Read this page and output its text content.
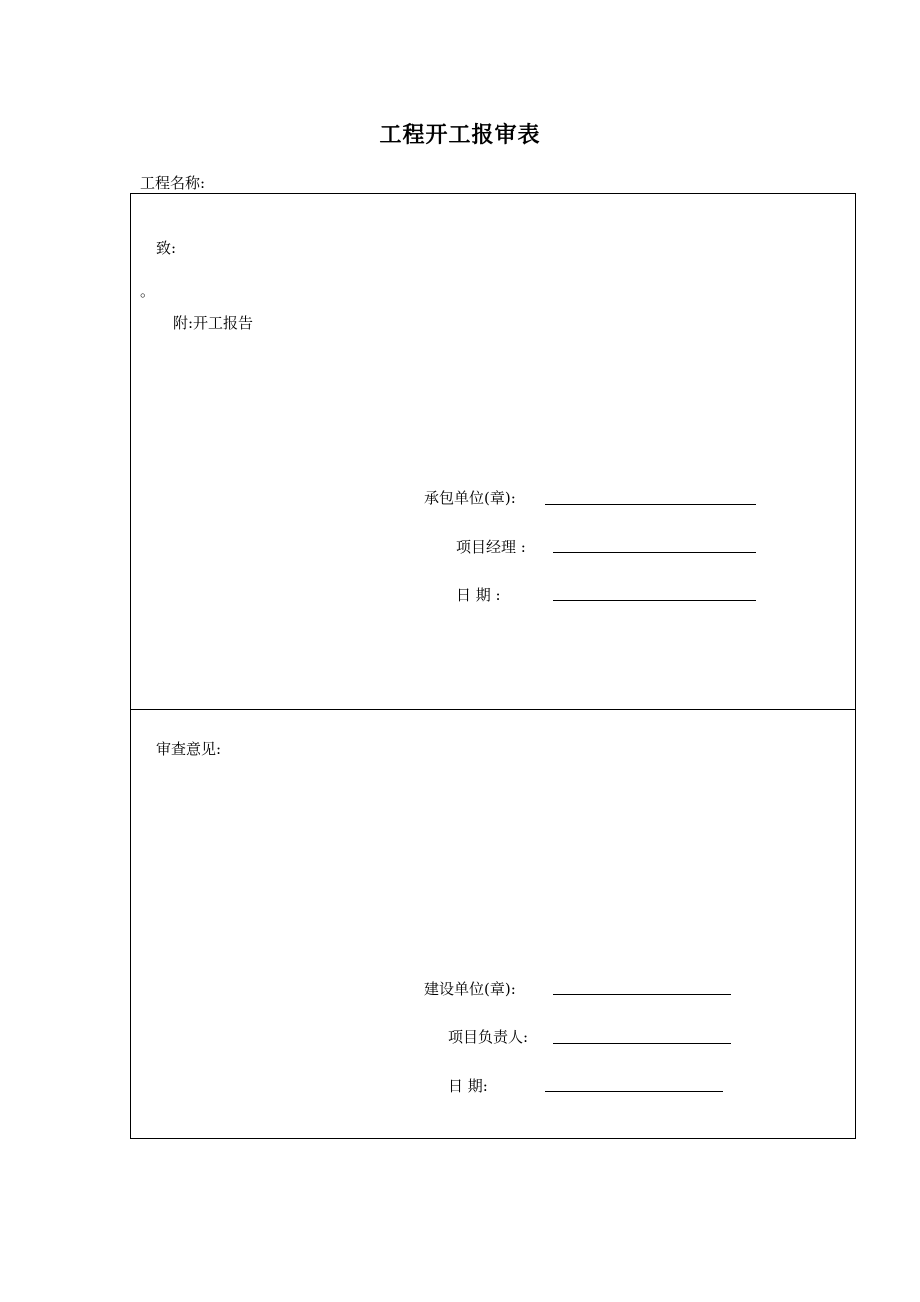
工程开工报审表
工程名称:
致:
。
附:开工报告
承包单位(章):
项目经理 :
日 期 :
审查意见:
建设单位(章):
项目负责人:
日 期:
